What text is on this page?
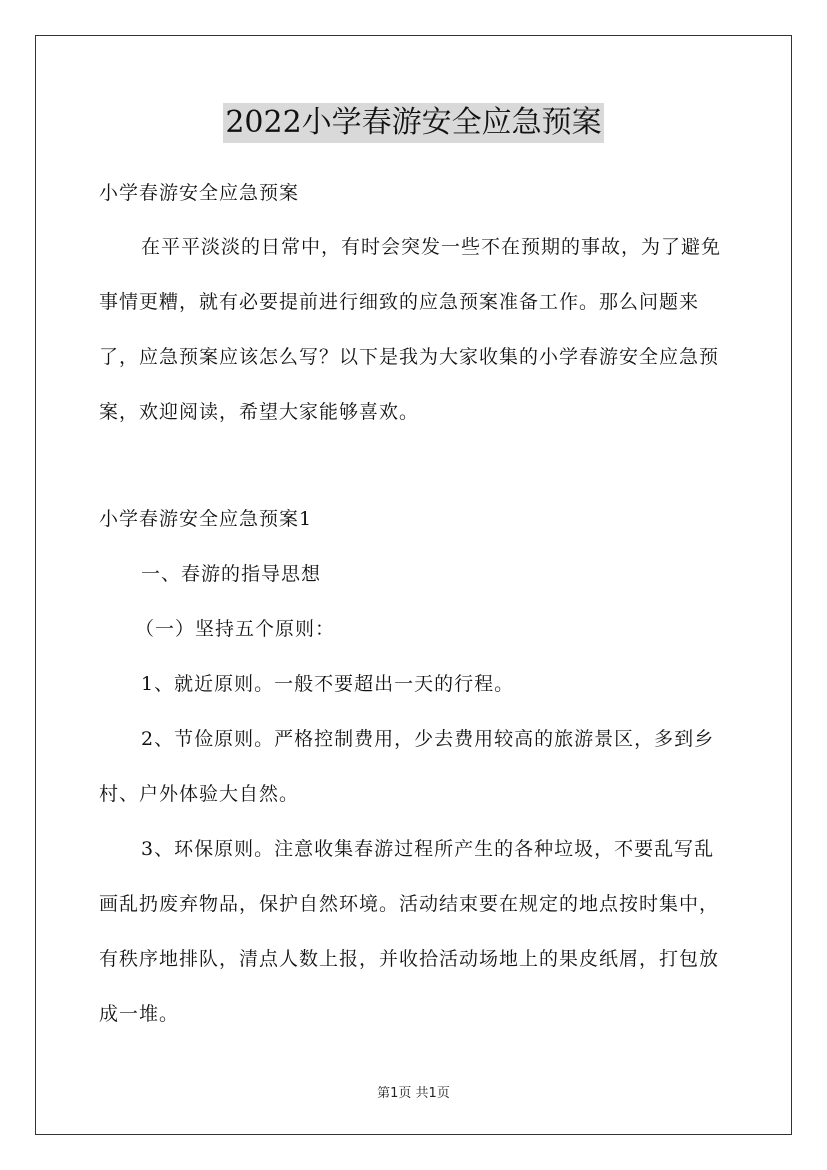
2022小学春游安全应急预案

小学春游安全应急预案

在平平淡淡的日常中，有时会突发一些不在预期的事故，为了避免事情更糟，就有必要提前进行细致的应急预案准备工作。那么问题来了，应急预案应该怎么写？以下是我为大家收集的小学春游安全应急预案，欢迎阅读，希望大家能够喜欢。

小学春游安全应急预案1

一、春游的指导思想

（一）坚持五个原则：

1、就近原则。一般不要超出一天的行程。

2、节俭原则。严格控制费用，少去费用较高的旅游景区，多到乡村、户外体验大自然。

3、环保原则。注意收集春游过程所产生的各种垃圾，不要乱写乱画乱扔废弃物品，保护自然环境。活动结束要在规定的地点按时集中，有秩序地排队，清点人数上报，并收拾活动场地上的果皮纸屑，打包放成一堆。

第1页 共1页
